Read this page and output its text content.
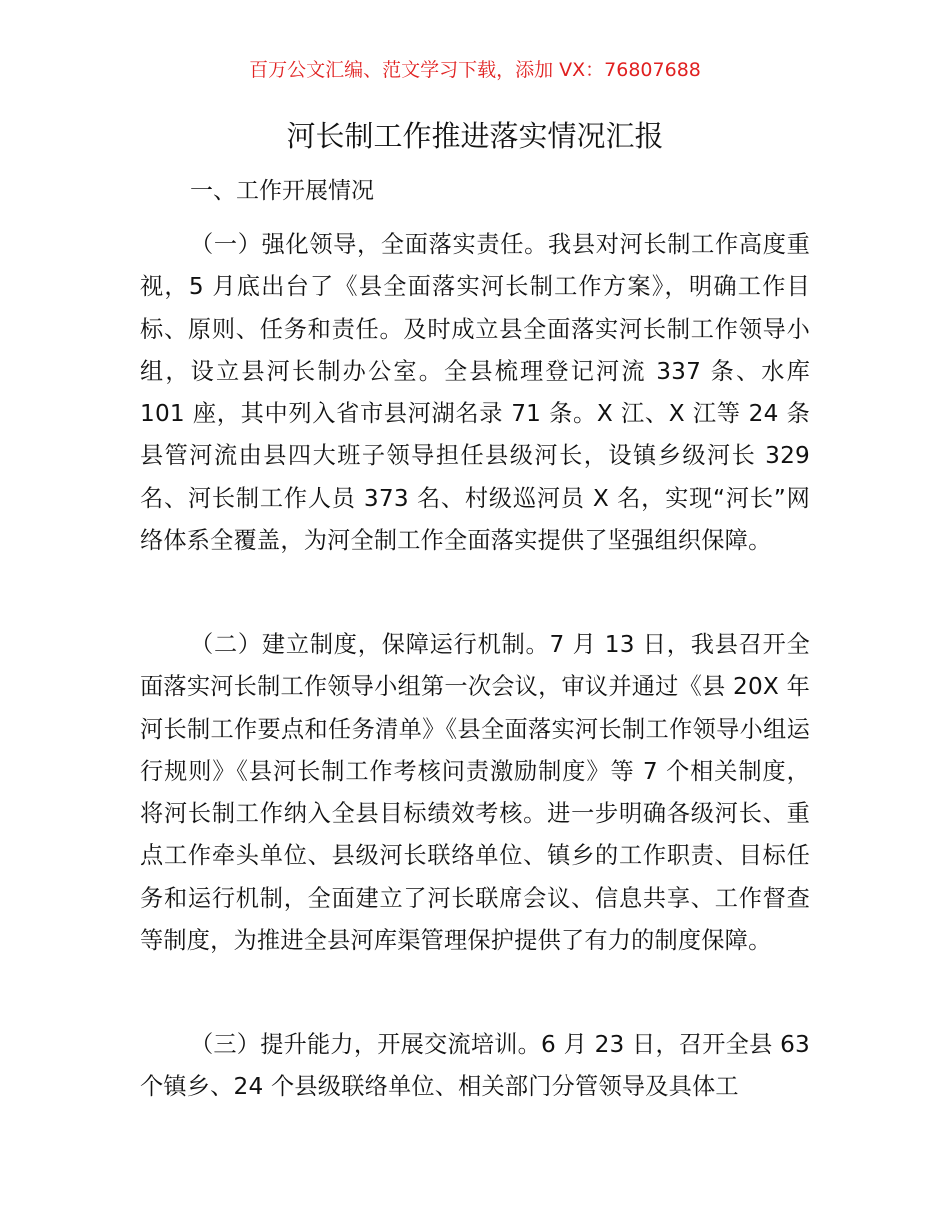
百万公文汇编、范文学习下载，添加 VX：76807688
河长制工作推进落实情况汇报
一、工作开展情况

（一）强化领导，全面落实责任。我县对河长制工作高度重视，5 月底出台了《县全面落实河长制工作方案》，明确工作目标、原则、任务和责任。及时成立县全面落实河长制工作领导小组，设立县河长制办公室。全县梳理登记河流 337 条、水库 101 座，其中列入省市县河湖名录 71 条。X 江、X 江等 24 条县管河流由县四大班子领导担任县级河长，设镇乡级河长 329 名、河长制工作人员 373 名、村级巡河员 X 名，实现“河长”网络体系全覆盖，为河全制工作全面落实提供了坚强组织保障。

（二）建立制度，保障运行机制。7 月 13 日，我县召开全面落实河长制工作领导小组第一次会议，审议并通过《县 20X 年河长制工作要点和任务清单》《县全面落实河长制工作领导小组运行规则》《县河长制工作考核问责激励制度》等 7 个相关制度，将河长制工作纳入全县目标绩效考核。进一步明确各级河长、重点工作牵头单位、县级河长联络单位、镇乡的工作职责、目标任务和运行机制，全面建立了河长联席会议、信息共享、工作督查等制度，为推进全县河库渠管理保护提供了有力的制度保障。

（三）提升能力，开展交流培训。6 月 23 日，召开全县 63 个镇乡、24 个县级联络单位、相关部门分管领导及具体工
